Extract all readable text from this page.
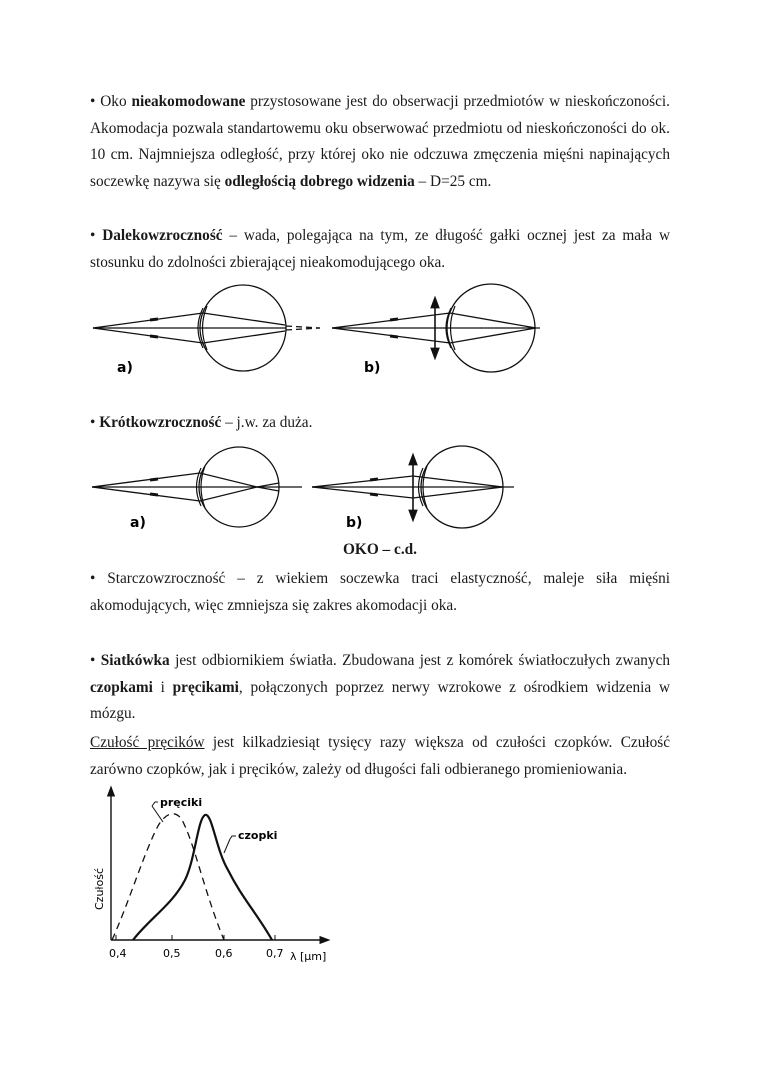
• Oko nieakomodowane przystosowane jest do obserwacji przedmiotów w nieskończoności. Akomodacja pozwala standartowemu oku obserwować przedmiotu od nieskończoności do ok. 10 cm. Najmniejsza odległość, przy której oko nie odczuwa zmęczenia mięśni napinających soczewkę nazywa się odległością dobrego widzenia – D=25 cm.
• Dalekowzroczność – wada, polegająca na tym, ze długość gałki ocznej jest za mała w stosunku do zdolności zbierającej nieakomodującego oka.
• Krótkowzroczność – j.w. za duża.
OKO – c.d.
• Starczowzroczność – z wiekiem soczewka traci elastyczność, maleje siła mięśni akomodujących, więc zmniejsza się zakres akomodacji oka.
• Siatkówka jest odbiornikiem światła. Zbudowana jest z komórek światłoczułych zwanych czopkami i pręcikami, połączonych poprzez nerwy wzrokowe z ośrodkiem widzenia w mózgu.
Czułość pręcików jest kilkadziesiąt tysięcy razy większa od czułości czopków. Czułość zarówno czopków, jak i pręcików, zależy od długości fali odbieranego promieniowania.
a)	b)
a)	b)
0,4	0,5	0,6	0,7 λ [μm]
Czułość
pręciki
czopki
